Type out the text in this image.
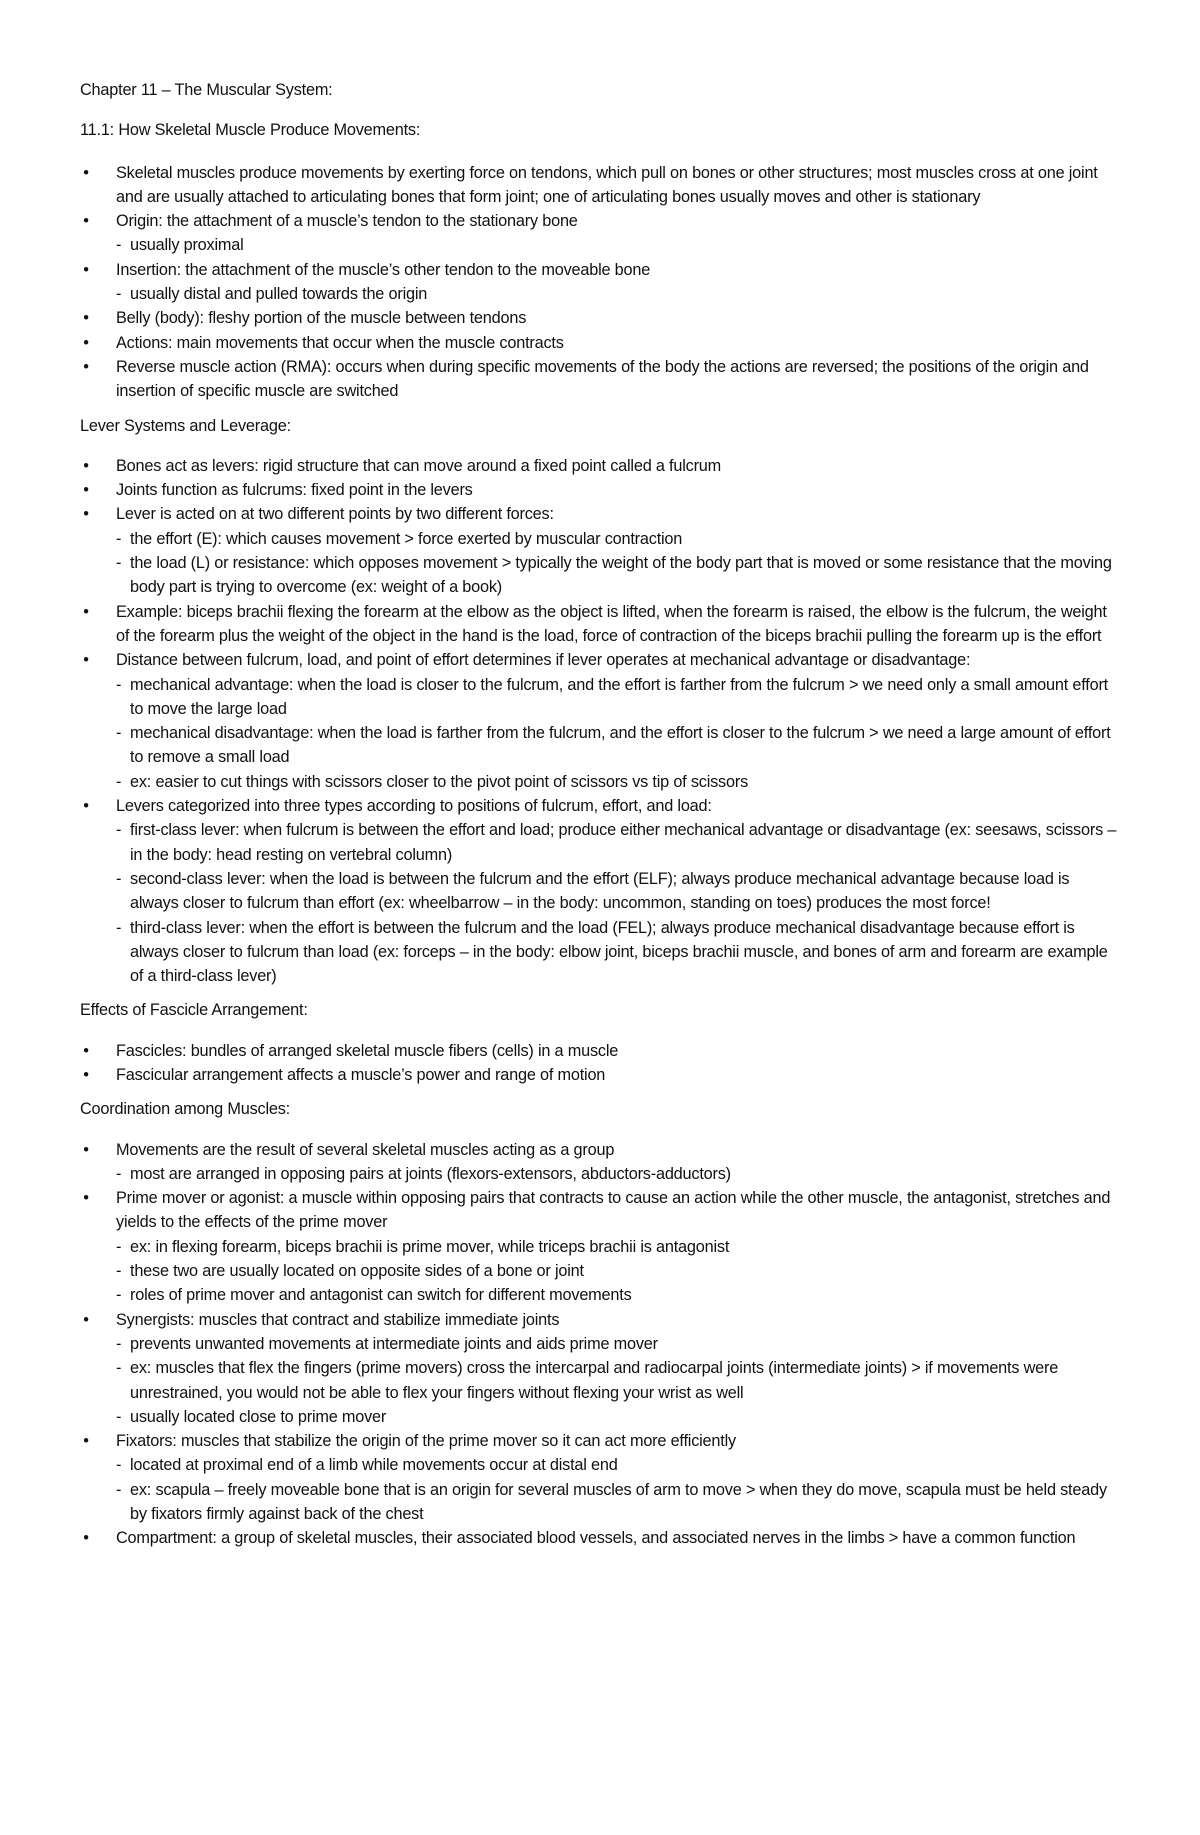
Chapter 11 – The Muscular System:

11.1: How Skeletal Muscle Produce Movements:

• Skeletal muscles produce movements by exerting force on tendons, which pull on bones or other structures; most muscles cross at one joint and are usually attached to articulating bones that form joint; one of articulating bones usually moves and other is stationary
• Origin: the attachment of a muscle’s tendon to the stationary bone
- usually proximal
• Insertion: the attachment of the muscle’s other tendon to the moveable bone
- usually distal and pulled towards the origin
• Belly (body): fleshy portion of the muscle between tendons
• Actions: main movements that occur when the muscle contracts
• Reverse muscle action (RMA): occurs when during specific movements of the body the actions are reversed; the positions of the origin and insertion of specific muscle are switched

Lever Systems and Leverage:

• Bones act as levers: rigid structure that can move around a fixed point called a fulcrum
• Joints function as fulcrums: fixed point in the levers
• Lever is acted on at two different points by two different forces:
- the effort (E): which causes movement > force exerted by muscular contraction
- the load (L) or resistance: which opposes movement > typically the weight of the body part that is moved or some resistance that the moving body part is trying to overcome (ex: weight of a book)
• Example: biceps brachii flexing the forearm at the elbow as the object is lifted, when the forearm is raised, the elbow is the fulcrum, the weight of the forearm plus the weight of the object in the hand is the load, force of contraction of the biceps brachii pulling the forearm up is the effort
• Distance between fulcrum, load, and point of effort determines if lever operates at mechanical advantage or disadvantage:
- mechanical advantage: when the load is closer to the fulcrum, and the effort is farther from the fulcrum > we need only a small amount effort to move the large load
- mechanical disadvantage: when the load is farther from the fulcrum, and the effort is closer to the fulcrum > we need a large amount of effort to remove a small load
- ex: easier to cut things with scissors closer to the pivot point of scissors vs tip of scissors
• Levers categorized into three types according to positions of fulcrum, effort, and load:
- first-class lever: when fulcrum is between the effort and load; produce either mechanical advantage or disadvantage (ex: seesaws, scissors – in the body: head resting on vertebral column)
- second-class lever: when the load is between the fulcrum and the effort (ELF); always produce mechanical advantage because load is always closer to fulcrum than effort (ex: wheelbarrow – in the body: uncommon, standing on toes) produces the most force!
- third-class lever: when the effort is between the fulcrum and the load (FEL); always produce mechanical disadvantage because effort is always closer to fulcrum than load (ex: forceps – in the body: elbow joint, biceps brachii muscle, and bones of arm and forearm are example of a third-class lever)

Effects of Fascicle Arrangement:

• Fascicles: bundles of arranged skeletal muscle fibers (cells) in a muscle
• Fascicular arrangement affects a muscle’s power and range of motion

Coordination among Muscles:

• Movements are the result of several skeletal muscles acting as a group
- most are arranged in opposing pairs at joints (flexors-extensors, abductors-adductors)
• Prime mover or agonist: a muscle within opposing pairs that contracts to cause an action while the other muscle, the antagonist, stretches and yields to the effects of the prime mover
- ex: in flexing forearm, biceps brachii is prime mover, while triceps brachii is antagonist
- these two are usually located on opposite sides of a bone or joint
- roles of prime mover and antagonist can switch for different movements
• Synergists: muscles that contract and stabilize immediate joints
- prevents unwanted movements at intermediate joints and aids prime mover
- ex: muscles that flex the fingers (prime movers) cross the intercarpal and radiocarpal joints (intermediate joints) > if movements were unrestrained, you would not be able to flex your fingers without flexing your wrist as well
- usually located close to prime mover
• Fixators: muscles that stabilize the origin of the prime mover so it can act more efficiently
- located at proximal end of a limb while movements occur at distal end
- ex: scapula – freely moveable bone that is an origin for several muscles of arm to move > when they do move, scapula must be held steady by fixators firmly against back of the chest
• Compartment: a group of skeletal muscles, their associated blood vessels, and associated nerves in the limbs > have a common function
